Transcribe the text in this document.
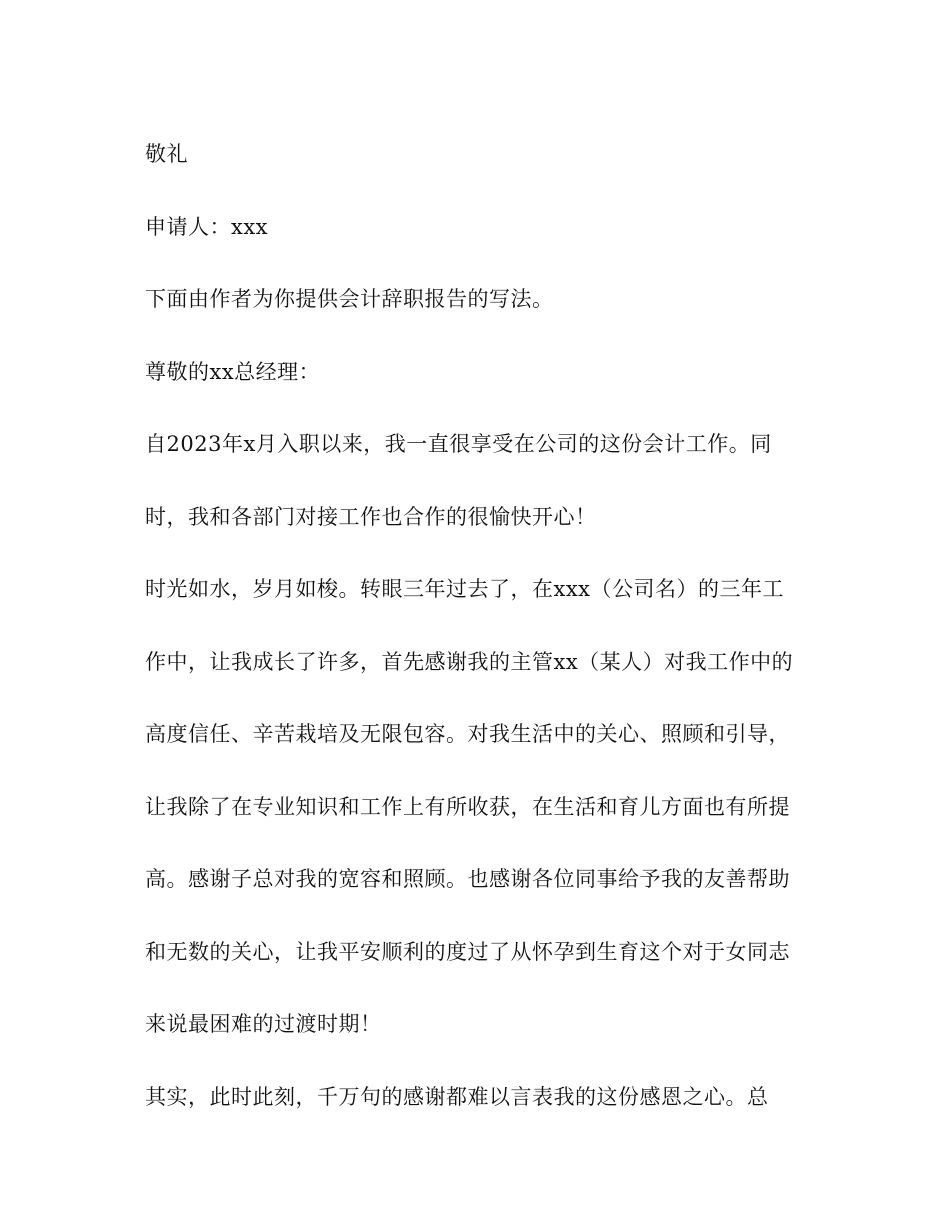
敬礼

申请人：xxx

下面由作者为你提供会计辞职报告的写法。

尊敬的xx总经理：

自2023年x月入职以来，我一直很享受在公司的这份会计工作。同

时，我和各部门对接工作也合作的很愉快开心！

时光如水，岁月如梭。转眼三年过去了，在xxx（公司名）的三年工

作中，让我成长了许多，首先感谢我的主管xx（某人）对我工作中的

高度信任、辛苦栽培及无限包容。对我生活中的关心、照顾和引导，

让我除了在专业知识和工作上有所收获，在生活和育儿方面也有所提

高。感谢子总对我的宽容和照顾。也感谢各位同事给予我的友善帮助

和无数的关心，让我平安顺利的度过了从怀孕到生育这个对于女同志

来说最困难的过渡时期！

其实，此时此刻，千万句的感谢都难以言表我的这份感恩之心。总
